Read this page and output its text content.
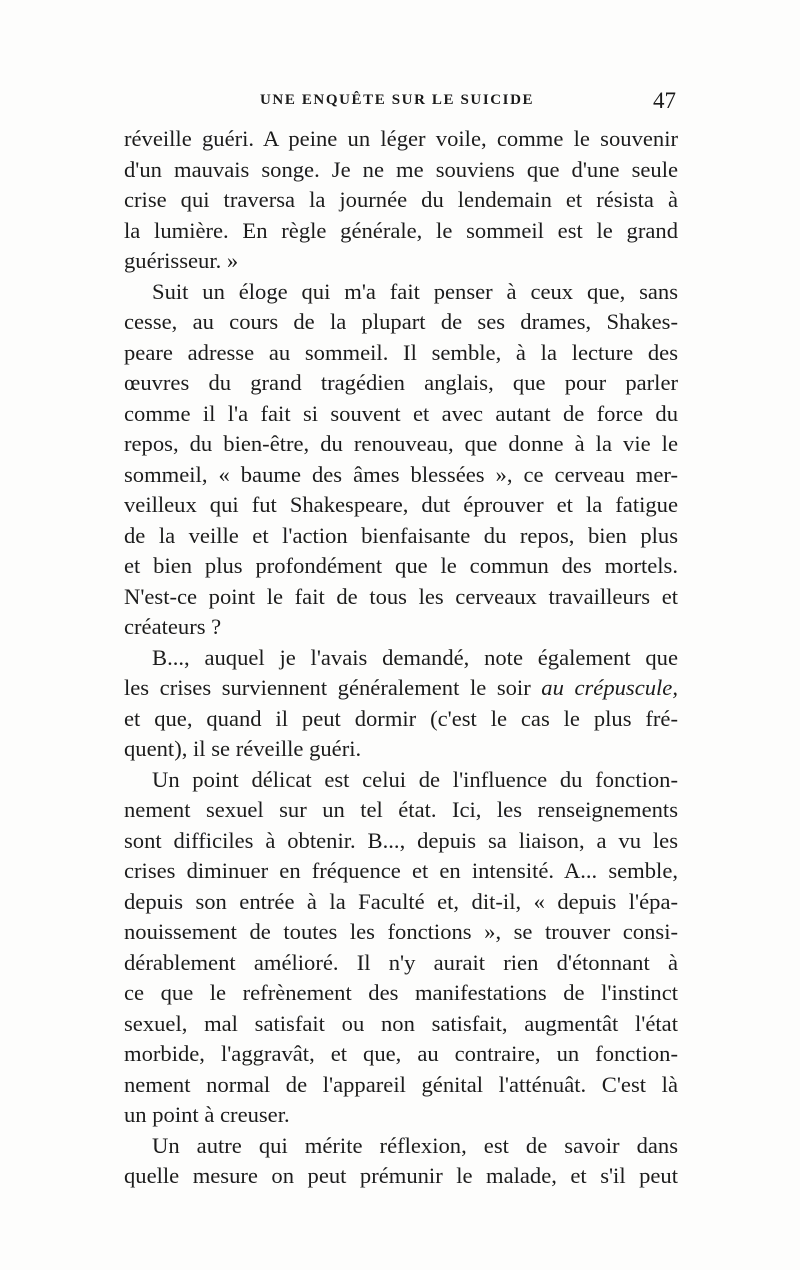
UNE ENQUÊTE SUR LE SUICIDE	47
réveille guéri. A peine un léger voile, comme le souvenir
d'un mauvais songe. Je ne me souviens que d'une seule
crise qui traversa la journée du lendemain et résista à
la lumière. En règle générale, le sommeil est le grand
guérisseur. »
Suit un éloge qui m'a fait penser à ceux que, sans
cesse, au cours de la plupart de ses drames, Shakes-
peare adresse au sommeil. Il semble, à la lecture des
œuvres du grand tragédien anglais, que pour parler
comme il l'a fait si souvent et avec autant de force du
repos, du bien-être, du renouveau, que donne à la vie le
sommeil, « baume des âmes blessées », ce cerveau mer-
veilleux qui fut Shakespeare, dut éprouver et la fatigue
de la veille et l'action bienfaisante du repos, bien plus
et bien plus profondément que le commun des mortels.
N'est-ce point le fait de tous les cerveaux travailleurs et
créateurs ?
B..., auquel je l'avais demandé, note également que
les crises surviennent généralement le soir au crépuscule,
et que, quand il peut dormir (c'est le cas le plus fré-
quent), il se réveille guéri.
Un point délicat est celui de l'influence du fonction-
nement sexuel sur un tel état. Ici, les renseignements
sont difficiles à obtenir. B..., depuis sa liaison, a vu les
crises diminuer en fréquence et en intensité. A... semble,
depuis son entrée à la Faculté et, dit-il, « depuis l'épa-
nouissement de toutes les fonctions », se trouver consi-
dérablement amélioré. Il n'y aurait rien d'étonnant à
ce que le refrènement des manifestations de l'instinct
sexuel, mal satisfait ou non satisfait, augmentât l'état
morbide, l'aggravât, et que, au contraire, un fonction-
nement normal de l'appareil génital l'atténuât. C'est là
un point à creuser.
Un autre qui mérite réflexion, est de savoir dans
quelle mesure on peut prémunir le malade, et s'il peut
